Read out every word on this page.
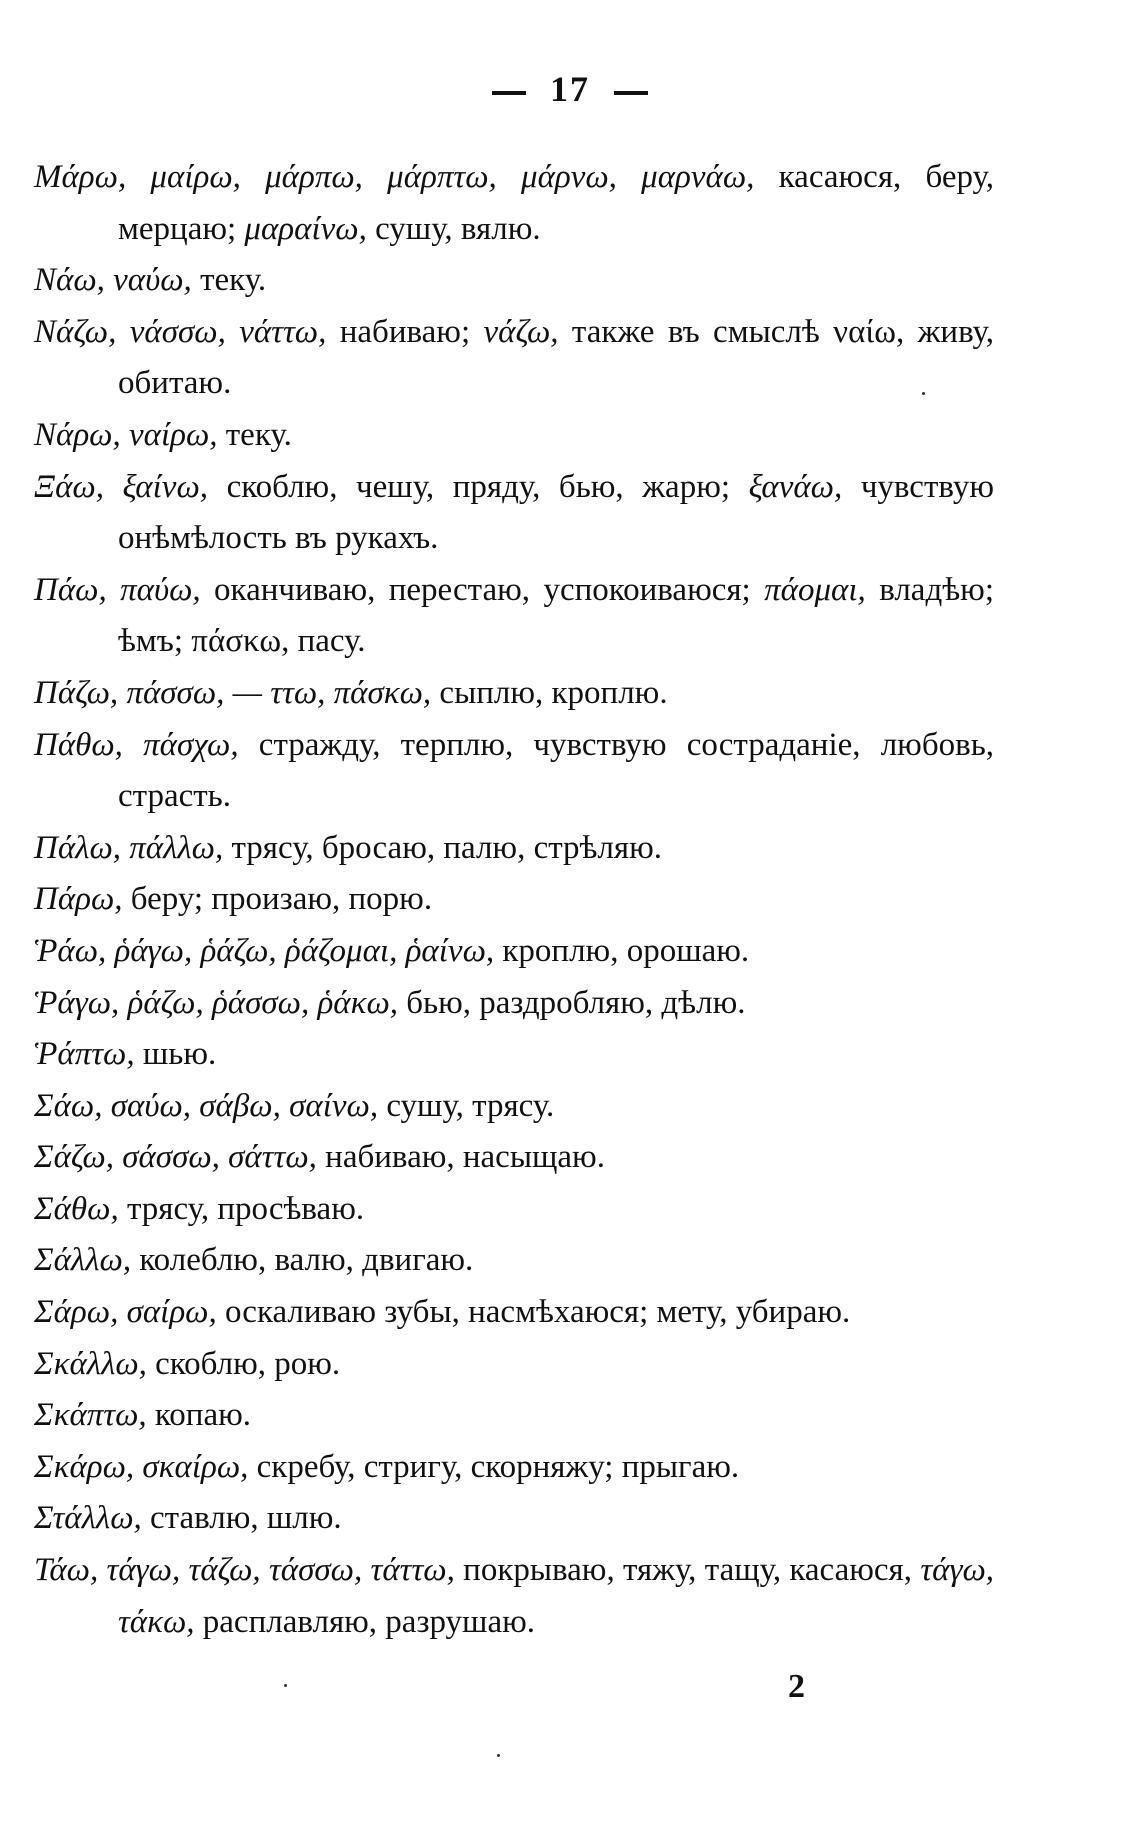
17

Μάρω, μαίρω, μάρπω, μάρπτω, μάρνω, μαρνάω, касаюся, беру, мерцаю; μαραίνω, сушу, вялю.

Νάω, ναύω, теку.

Νάζω, νάσσω, νάττω, набиваю; νάζω, также въ смыслѣ ναίω, живу, обитаю.

Νάρω, ναίρω, теку.

Ξάω, ξαίνω, скоблю, чешу, пряду, бью, жарю; ξανάω, чувствую онѣмѣлость въ рукахъ.

Πάω, παύω, оканчиваю, перестаю, успокоиваюся; πάομαι, владѣю; ѣмъ; πάσκω, пасу.

Πάζω, πάσσω, — ττω, πάσκω, сыплю, кроплю.

Πάθω, πάσχω, стражду, терплю, чувствую состраданіе, любовь, страсть.

Πάλω, πάλλω, трясу, бросаю, палю, стрѣляю.

Πάρω, беру; произаю, порю.

Ῥάω, ῥάγω, ῥάζω, ῥάζομαι, ῥαίνω, кроплю, орошаю.

Ῥάγω, ῥάζω, ῥάσσω, ῥάκω, бью, раздробляю, дѣлю.

Ῥάπτω, шью.

Σάω, σαύω, σάβω, σαίνω, сушу, трясу.

Σάζω, σάσσω, σάττω, набиваю, насыщаю.

Σάθω, трясу, просѣваю.

Σάλλω, колеблю, валю, двигаю.

Σάρω, σαίρω, оскаливаю зубы, насмѣхаюся; мету, убираю.

Σκάλλω, скоблю, рою.

Σκάπτω, копаю.

Σκάρω, σκαίρω, скребу, стригу, скорняжу; прыгаю.

Στάλλω, ставлю, шлю.

Τάω, τάγω, τάζω, τάσσω, τάττω, покрываю, тяжу, тащу, касаюся, τάγω, τάκω, расплавляю, разрушаю.

2
